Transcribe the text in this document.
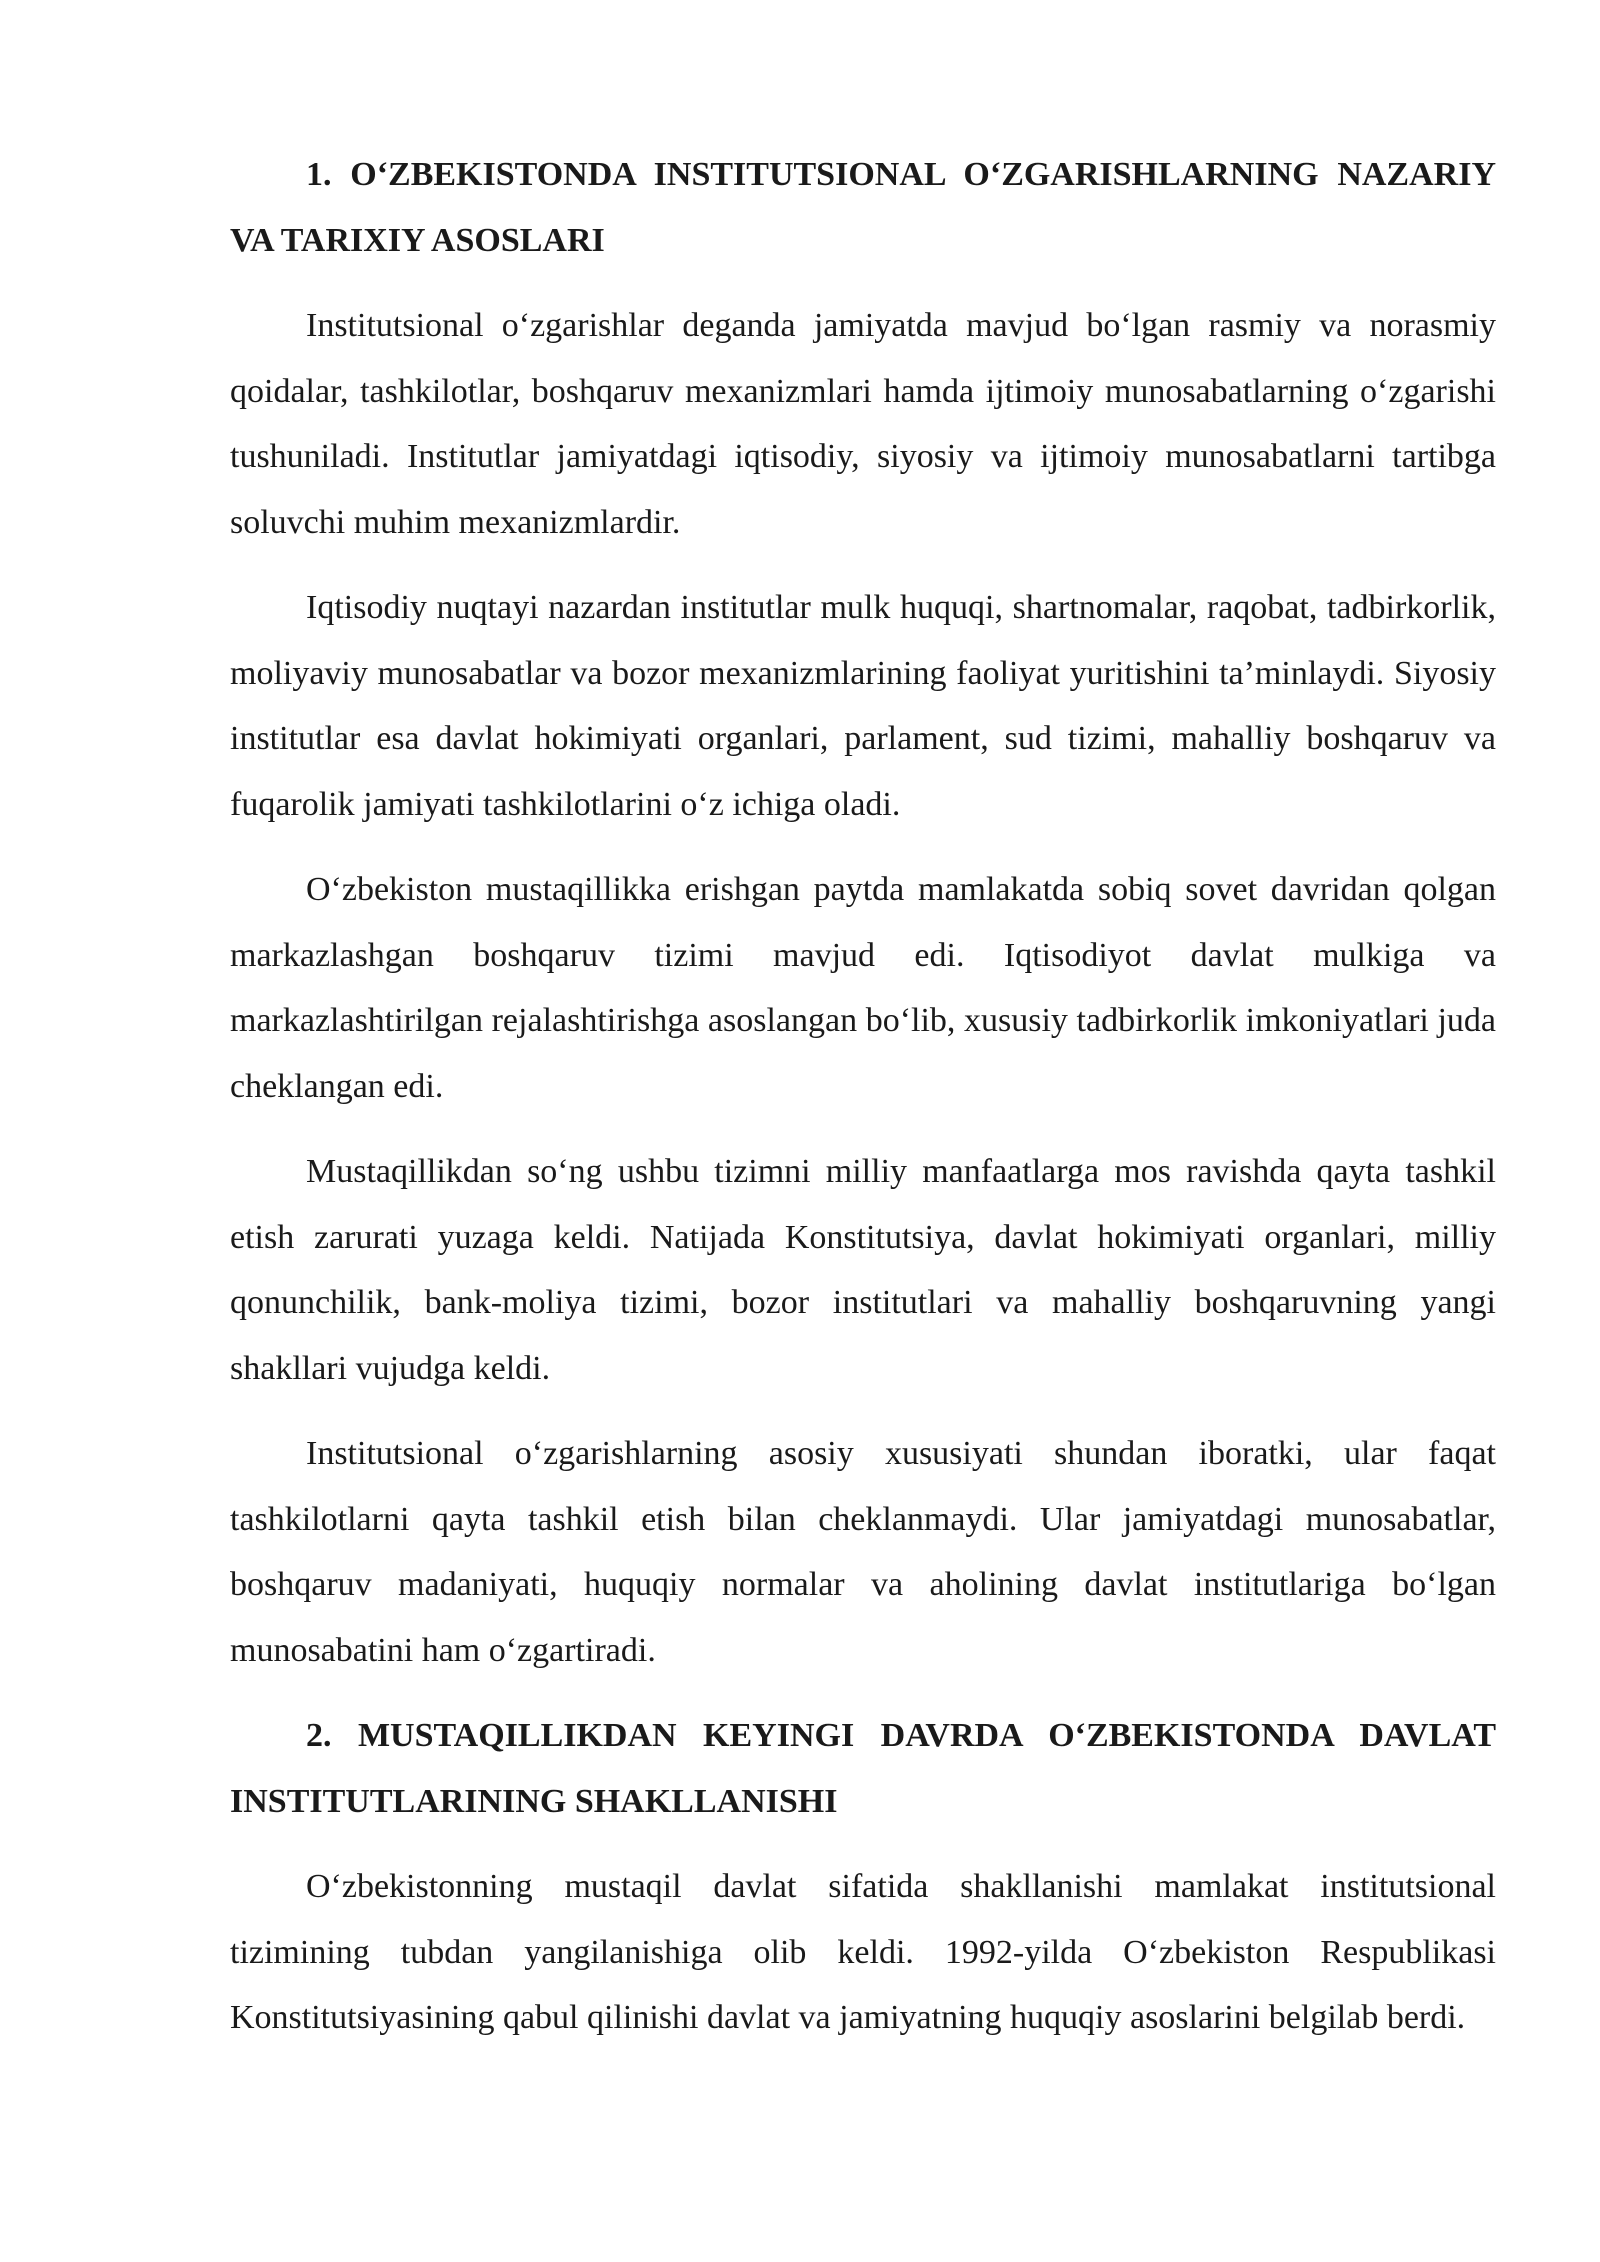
1. O‘ZBEKISTONDA INSTITUTSIONAL O‘ZGARISHLARNING NAZARIY VA TARIXIY ASOSLARI

Institutsional o‘zgarishlar deganda jamiyatda mavjud bo‘lgan rasmiy va norasmiy qoidalar, tashkilotlar, boshqaruv mexanizmlari hamda ijtimoiy munosabatlarning o‘zgarishi tushuniladi. Institutlar jamiyatdagi iqtisodiy, siyosiy va ijtimoiy munosabatlarni tartibga soluvchi muhim mexanizmlardir.

Iqtisodiy nuqtayi nazardan institutlar mulk huquqi, shartnomalar, raqobat, tadbirkorlik, moliyaviy munosabatlar va bozor mexanizmlarining faoliyat yuritishini ta’minlaydi. Siyosiy institutlar esa davlat hokimiyati organlari, parlament, sud tizimi, mahalliy boshqaruv va fuqarolik jamiyati tashkilotlarini o‘z ichiga oladi.

O‘zbekiston mustaqillikka erishgan paytda mamlakatda sobiq sovet davridan qolgan markazlashgan boshqaruv tizimi mavjud edi. Iqtisodiyot davlat mulkiga va markazlashtirilgan rejalashtirishga asoslangan bo‘lib, xususiy tadbirkorlik imkoniyatlari juda cheklangan edi.

Mustaqillikdan so‘ng ushbu tizimni milliy manfaatlarga mos ravishda qayta tashkil etish zarurati yuzaga keldi. Natijada Konstitutsiya, davlat hokimiyati organlari, milliy qonunchilik, bank-moliya tizimi, bozor institutlari va mahalliy boshqaruvning yangi shakllari vujudga keldi.

Institutsional o‘zgarishlarning asosiy xususiyati shundan iboratki, ular faqat tashkilotlarni qayta tashkil etish bilan cheklanmaydi. Ular jamiyatdagi munosabatlar, boshqaruv madaniyati, huquqiy normalar va aholining davlat institutlariga bo‘lgan munosabatini ham o‘zgartiradi.

2. MUSTAQILLIKDAN KEYINGI DAVRDA O‘ZBEKISTONDA DAVLAT INSTITUTLARINING SHAKLLANISHI

O‘zbekistonning mustaqil davlat sifatida shakllanishi mamlakat institutsional tizimining tubdan yangilanishiga olib keldi. 1992-yilda O‘zbekiston Respublikasi Konstitutsiyasining qabul qilinishi davlat va jamiyatning huquqiy asoslarini belgilab berdi.
